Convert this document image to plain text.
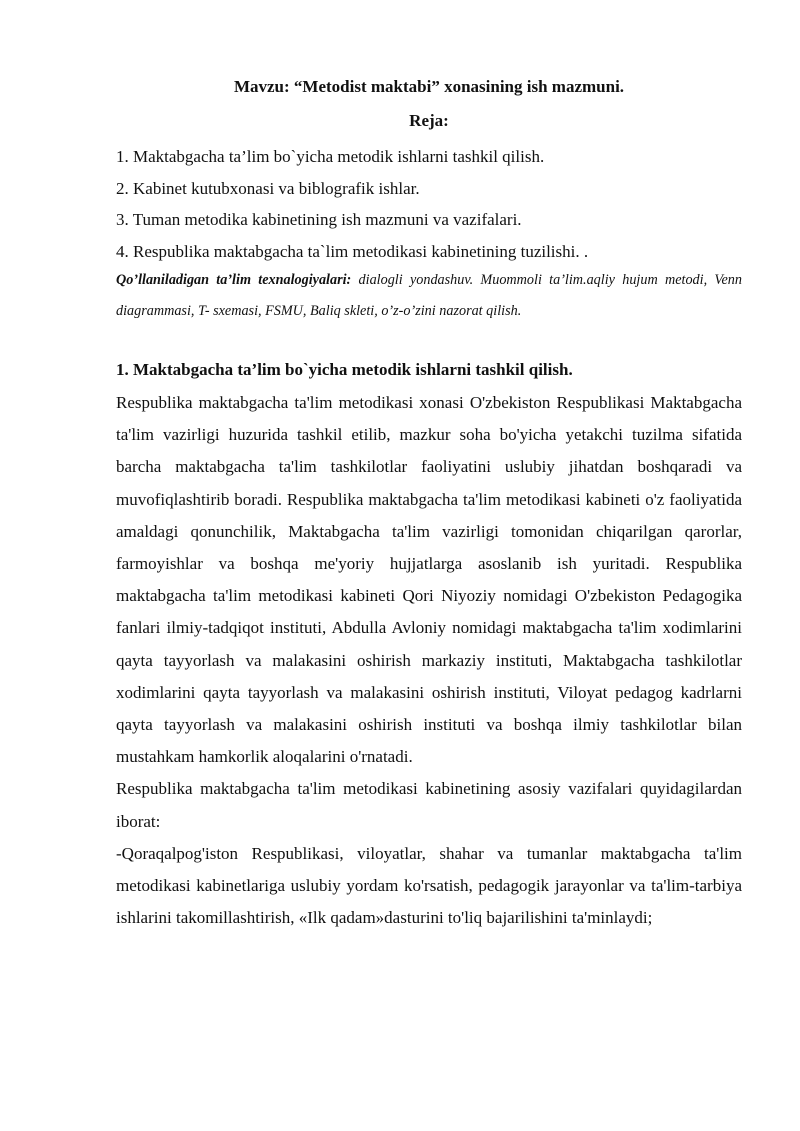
Mavzu: “Metodist maktabi” xonasining ish mazmuni.
Reja:
1. Maktabgacha ta’lim bo`yicha metodik ishlarni tashkil qilish.
2. Kabinet kutubxonasi va biblografik ishlar.
3. Tuman metodika kabinetining ish mazmuni va vazifalari.
4. Respublika maktabgacha ta`lim metodikasi kabinetining tuzilishi. .
Qo’llaniladigan ta’lim texnalogiyalari: dialogli yondashuv. Muommoli ta’lim.aqliy hujum metodi, Venn diagrammasi, T- sxemasi, FSMU, Baliq skleti, o’z-o’zini nazorat qilish.
1. Maktabgacha ta’lim bo`yicha metodik ishlarni tashkil qilish.

Respublika maktabgacha ta'lim metodikasi xonasi O'zbekiston Respublikasi Maktabgacha ta'lim vazirligi huzurida tashkil etilib, mazkur soha bo'yicha yetakchi tuzilma sifatida barcha maktabgacha ta'lim tashkilotlar faoliyatini uslubiy jihatdan boshqaradi va muvofiqlashtirib boradi. Respublika maktabgacha ta'lim metodikasi kabineti o'z faoliyatida amaldagi qonunchilik, Maktabgacha ta'lim vazirligi tomonidan chiqarilgan qarorlar, farmoyishlar va boshqa me'yoriy hujjatlarga asoslanib ish yuritadi. Respublika maktabgacha ta'lim metodikasi kabineti Qori Niyoziy nomidagi O'zbekiston Pedagogika fanlari ilmiy-tadqiqot instituti, Abdulla Avloniy nomidagi maktabgacha ta'lim xodimlarini qayta tayyorlash va malakasini oshirish markaziy instituti, Maktabgacha tashkilotlar xodimlarini qayta tayyorlash va malakasini oshirish instituti, Viloyat pedagog kadrlarni qayta tayyorlash va malakasini oshirish instituti va boshqa ilmiy tashkilotlar bilan mustahkam hamkorlik aloqalarini o'rnatadi.

Respublika maktabgacha ta'lim metodikasi kabinetining asosiy vazifalari quyidagilardan iborat:

-Qoraqalpog'iston Respublikasi, viloyatlar, shahar va tumanlar maktabgacha ta'lim metodikasi kabinetlariga uslubiy yordam ko'rsatish, pedagogik jarayonlar va ta'lim-tarbiya ishlarini takomillashtirish, «Ilk qadam»dasturini to'liq bajarilishini ta'minlaydi;
